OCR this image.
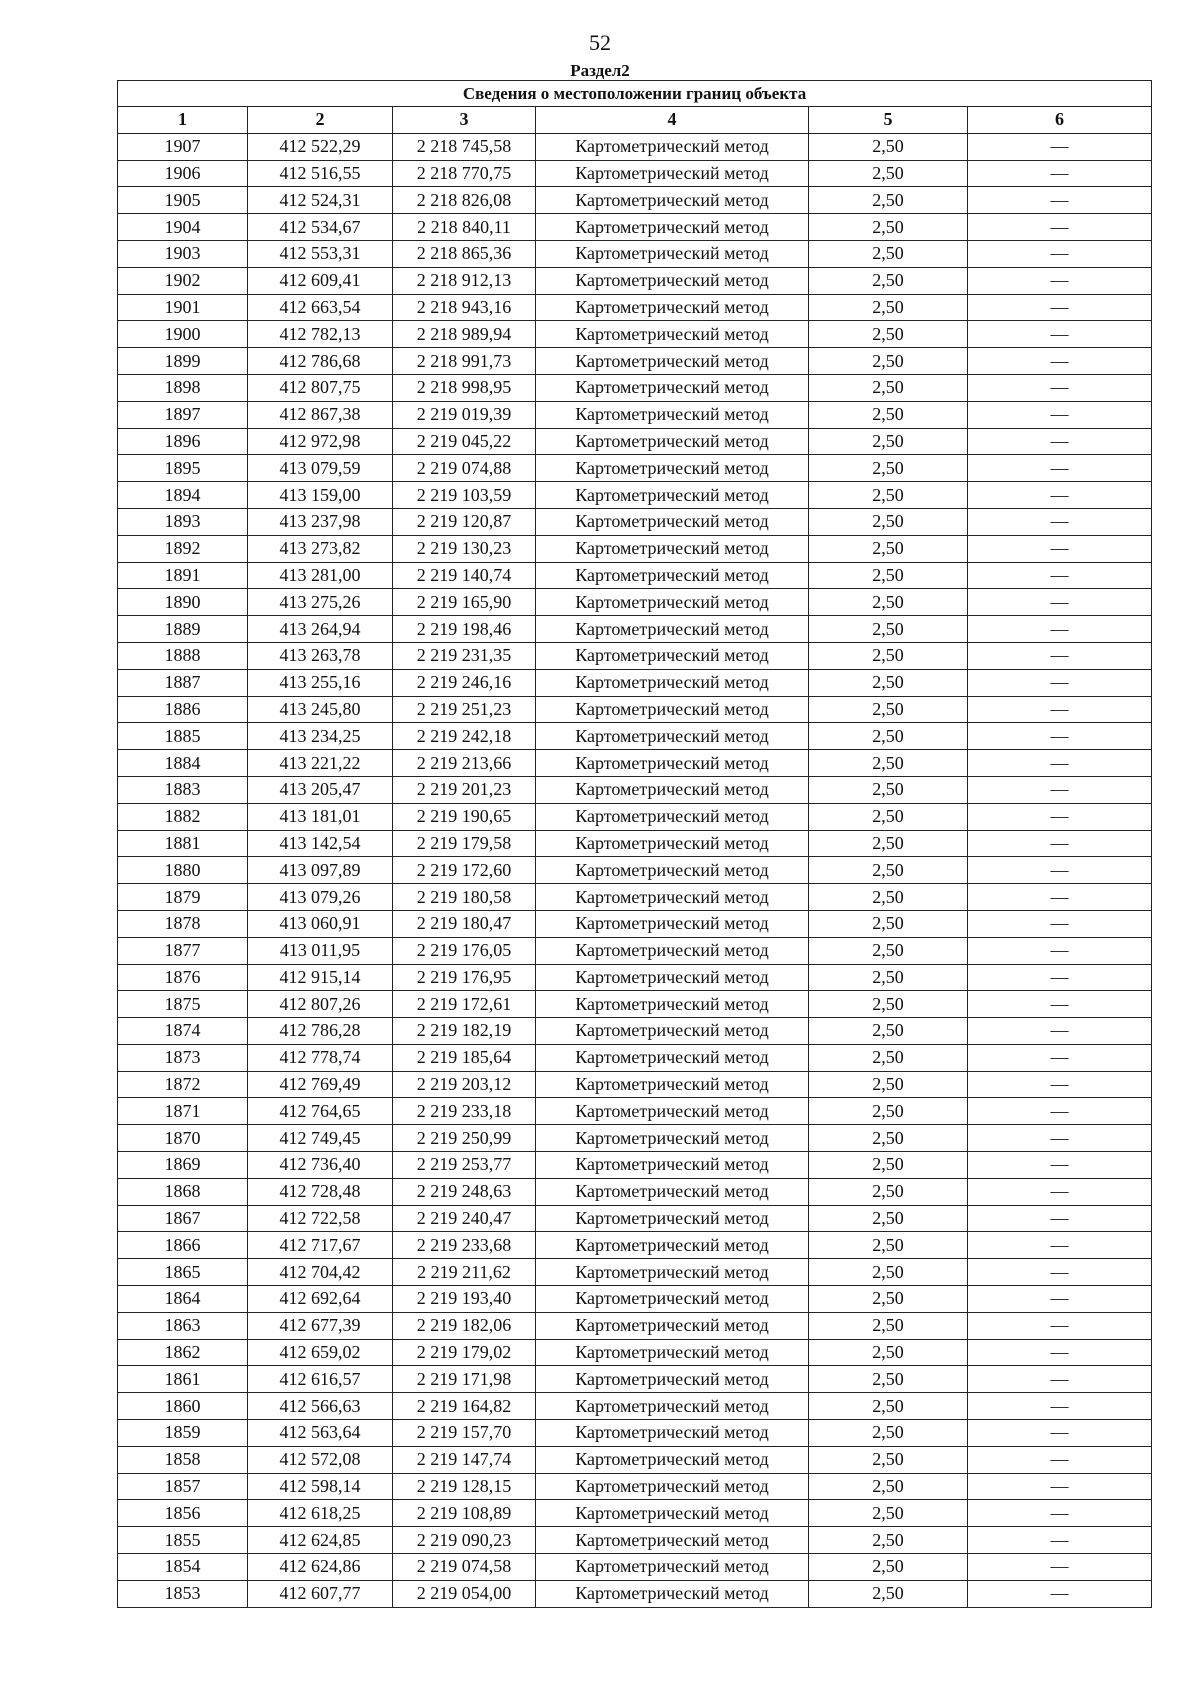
52
Раздел2
Сведения о местоположении границ объекта					
1	2	3	4	5	6
1907	412 522,29	2 218 745,58	Картометрический метод	2,50	—
1906	412 516,55	2 218 770,75	Картометрический метод	2,50	—
1905	412 524,31	2 218 826,08	Картометрический метод	2,50	—
1904	412 534,67	2 218 840,11	Картометрический метод	2,50	—
1903	412 553,31	2 218 865,36	Картометрический метод	2,50	—
1902	412 609,41	2 218 912,13	Картометрический метод	2,50	—
1901	412 663,54	2 218 943,16	Картометрический метод	2,50	—
1900	412 782,13	2 218 989,94	Картометрический метод	2,50	—
1899	412 786,68	2 218 991,73	Картометрический метод	2,50	—
1898	412 807,75	2 218 998,95	Картометрический метод	2,50	—
1897	412 867,38	2 219 019,39	Картометрический метод	2,50	—
1896	412 972,98	2 219 045,22	Картометрический метод	2,50	—
1895	413 079,59	2 219 074,88	Картометрический метод	2,50	—
1894	413 159,00	2 219 103,59	Картометрический метод	2,50	—
1893	413 237,98	2 219 120,87	Картометрический метод	2,50	—
1892	413 273,82	2 219 130,23	Картометрический метод	2,50	—
1891	413 281,00	2 219 140,74	Картометрический метод	2,50	—
1890	413 275,26	2 219 165,90	Картометрический метод	2,50	—
1889	413 264,94	2 219 198,46	Картометрический метод	2,50	—
1888	413 263,78	2 219 231,35	Картометрический метод	2,50	—
1887	413 255,16	2 219 246,16	Картометрический метод	2,50	—
1886	413 245,80	2 219 251,23	Картометрический метод	2,50	—
1885	413 234,25	2 219 242,18	Картометрический метод	2,50	—
1884	413 221,22	2 219 213,66	Картометрический метод	2,50	—
1883	413 205,47	2 219 201,23	Картометрический метод	2,50	—
1882	413 181,01	2 219 190,65	Картометрический метод	2,50	—
1881	413 142,54	2 219 179,58	Картометрический метод	2,50	—
1880	413 097,89	2 219 172,60	Картометрический метод	2,50	—
1879	413 079,26	2 219 180,58	Картометрический метод	2,50	—
1878	413 060,91	2 219 180,47	Картометрический метод	2,50	—
1877	413 011,95	2 219 176,05	Картометрический метод	2,50	—
1876	412 915,14	2 219 176,95	Картометрический метод	2,50	—
1875	412 807,26	2 219 172,61	Картометрический метод	2,50	—
1874	412 786,28	2 219 182,19	Картометрический метод	2,50	—
1873	412 778,74	2 219 185,64	Картометрический метод	2,50	—
1872	412 769,49	2 219 203,12	Картометрический метод	2,50	—
1871	412 764,65	2 219 233,18	Картометрический метод	2,50	—
1870	412 749,45	2 219 250,99	Картометрический метод	2,50	—
1869	412 736,40	2 219 253,77	Картометрический метод	2,50	—
1868	412 728,48	2 219 248,63	Картометрический метод	2,50	—
1867	412 722,58	2 219 240,47	Картометрический метод	2,50	—
1866	412 717,67	2 219 233,68	Картометрический метод	2,50	—
1865	412 704,42	2 219 211,62	Картометрический метод	2,50	—
1864	412 692,64	2 219 193,40	Картометрический метод	2,50	—
1863	412 677,39	2 219 182,06	Картометрический метод	2,50	—
1862	412 659,02	2 219 179,02	Картометрический метод	2,50	—
1861	412 616,57	2 219 171,98	Картометрический метод	2,50	—
1860	412 566,63	2 219 164,82	Картометрический метод	2,50	—
1859	412 563,64	2 219 157,70	Картометрический метод	2,50	—
1858	412 572,08	2 219 147,74	Картометрический метод	2,50	—
1857	412 598,14	2 219 128,15	Картометрический метод	2,50	—
1856	412 618,25	2 219 108,89	Картометрический метод	2,50	—
1855	412 624,85	2 219 090,23	Картометрический метод	2,50	—
1854	412 624,86	2 219 074,58	Картометрический метод	2,50	—
1853	412 607,77	2 219 054,00	Картометрический метод	2,50	—
